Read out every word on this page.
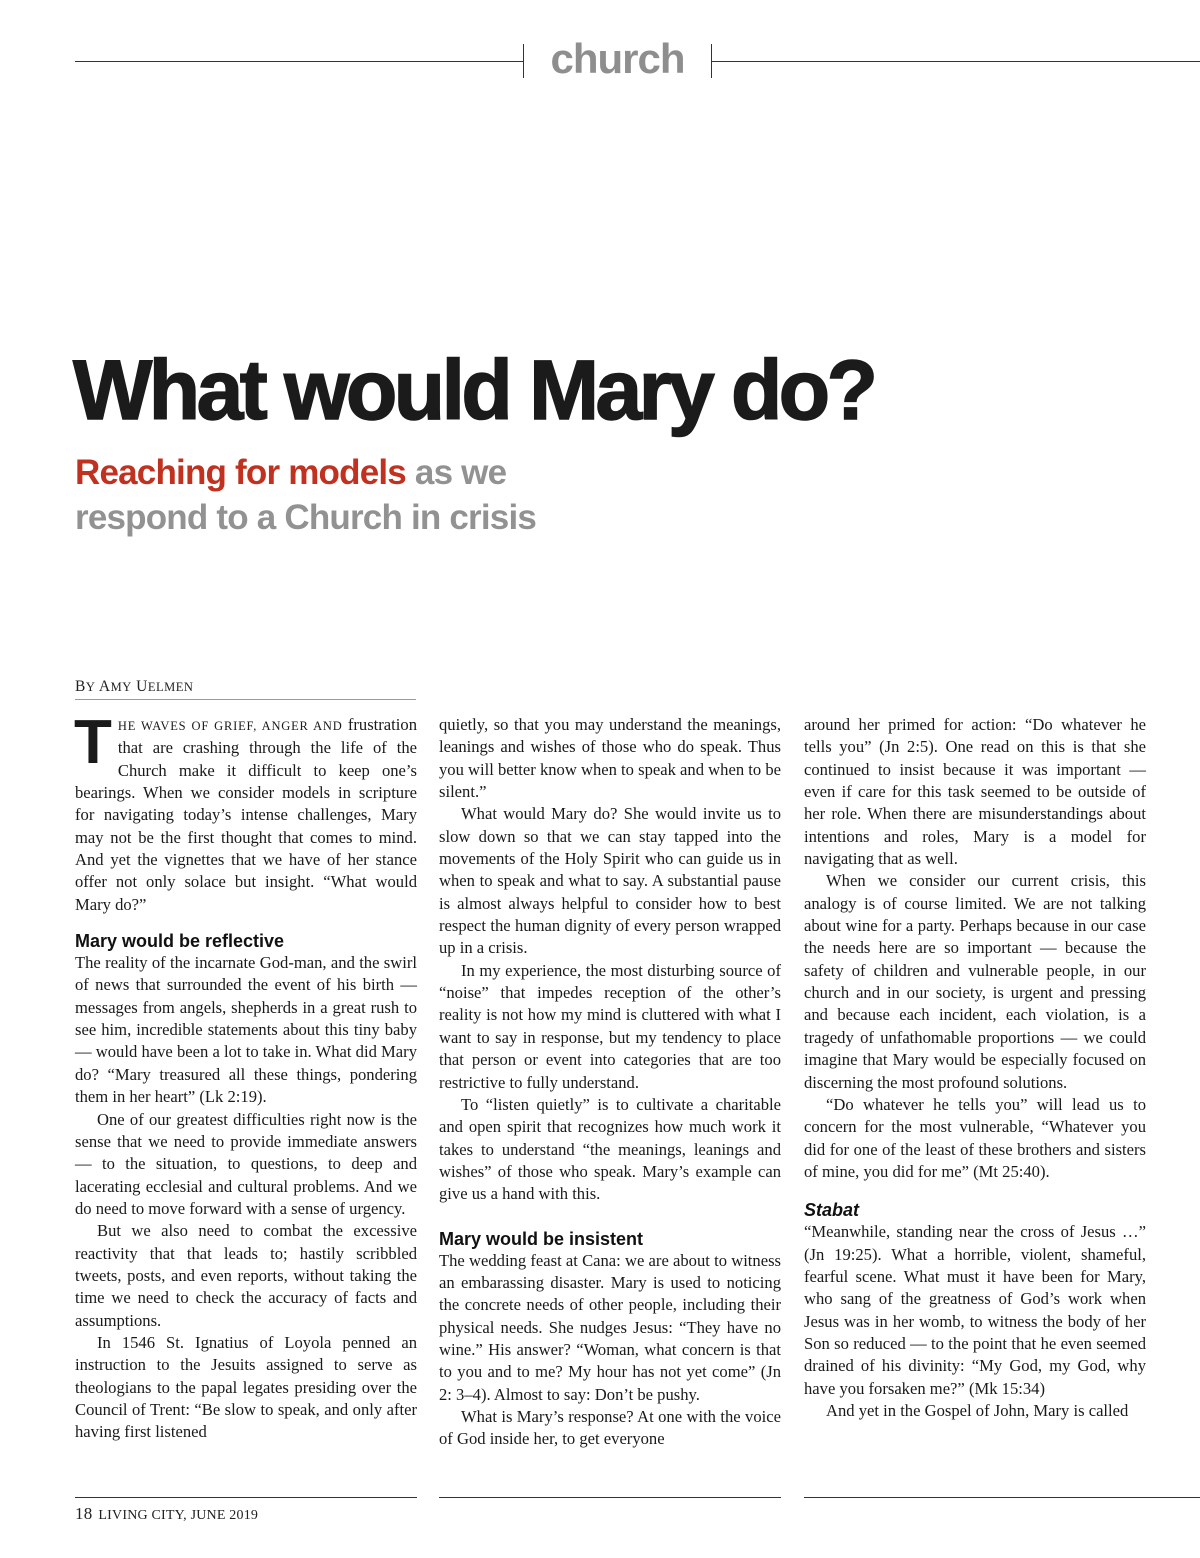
church
What would Mary do?

Reaching for models as we respond to a Church in crisis

BY AMY UELMEN

THE WAVES OF GRIEF, ANGER AND frustration that are crashing through the life of the Church make it difficult to keep one’s bearings. When we consider models in scripture for navigating today’s intense challenges, Mary may not be the first thought that comes to mind. And yet the vignettes that we have of her stance offer not only solace but insight. “What would Mary do?”

Mary would be reflective

The reality of the incarnate God-man, and the swirl of news that surrounded the event of his birth — messages from angels, shepherds in a great rush to see him, incredible statements about this tiny baby — would have been a lot to take in. What did Mary do? “Mary treasured all these things, pondering them in her heart” (Lk 2:19).

One of our greatest difficulties right now is the sense that we need to provide immediate answers — to the situation, to questions, to deep and lacerating ecclesial and cultural problems. And we do need to move forward with a sense of urgency.

But we also need to combat the excessive reactivity that that leads to; hastily scribbled tweets, posts, and even reports, without taking the time we need to check the accuracy of facts and assumptions.

In 1546 St. Ignatius of Loyola penned an instruction to the Jesuits assigned to serve as theologians to the papal legates presiding over the Council of Trent: “Be slow to speak, and only after having first listened

quietly, so that you may understand the meanings, leanings and wishes of those who do speak. Thus you will better know when to speak and when to be silent.”

What would Mary do? She would invite us to slow down so that we can stay tapped into the movements of the Holy Spirit who can guide us in when to speak and what to say. A substantial pause is almost always helpful to consider how to best respect the human dignity of every person wrapped up in a crisis.

In my experience, the most disturbing source of “noise” that impedes reception of the other’s reality is not how my mind is cluttered with what I want to say in response, but my tendency to place that person or event into categories that are too restrictive to fully understand.

To “listen quietly” is to cultivate a charitable and open spirit that recognizes how much work it takes to understand “the meanings, leanings and wishes” of those who speak. Mary’s example can give us a hand with this.

Mary would be insistent

The wedding feast at Cana: we are about to witness an embarassing disaster. Mary is used to noticing the concrete needs of other people, including their physical needs. She nudges Jesus: “They have no wine.” His answer? “Woman, what concern is that to you and to me? My hour has not yet come” (Jn 2: 3–4). Almost to say: Don’t be pushy.

What is Mary’s response? At one with the voice of God inside her, to get everyone

around her primed for action: “Do whatever he tells you” (Jn 2:5). One read on this is that she continued to insist because it was important — even if care for this task seemed to be outside of her role. When there are misunderstandings about intentions and roles, Mary is a model for navigating that as well.

When we consider our current crisis, this analogy is of course limited. We are not talking about wine for a party. Perhaps because in our case the needs here are so important — because the safety of children and vulnerable people, in our church and in our society, is urgent and pressing and because each incident, each violation, is a tragedy of unfathomable proportions — we could imagine that Mary would be especially focused on discerning the most profound solutions.

“Do whatever he tells you” will lead us to concern for the most vulnerable, “Whatever you did for one of the least of these brothers and sisters of mine, you did for me” (Mt 25:40).

Stabat

“Meanwhile, standing near the cross of Jesus …” (Jn 19:25). What a horrible, violent, shameful, fearful scene. What must it have been for Mary, who sang of the greatness of God’s work when Jesus was in her womb, to witness the body of her Son so reduced — to the point that he even seemed drained of his divinity: “My God, my God, why have you forsaken me?” (Mk 15:34)

And yet in the Gospel of John, Mary is called

18 LIVING CITY, JUNE 2019
